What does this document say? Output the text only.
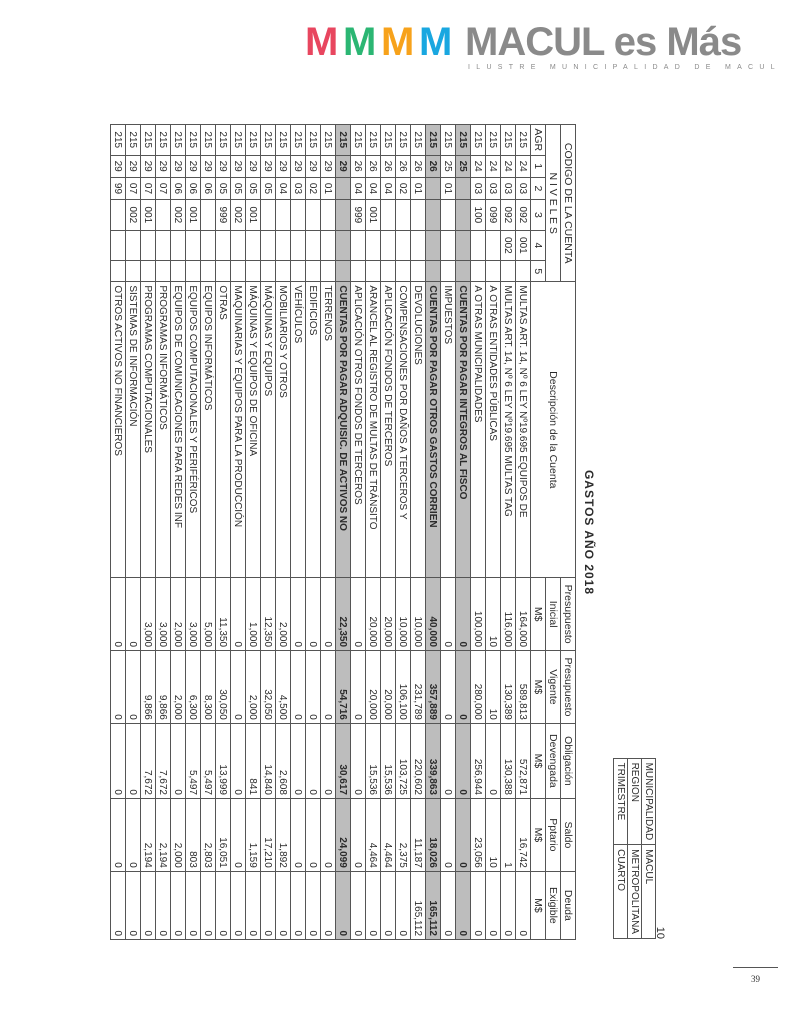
M M M M MACUL es Más
ILUSTRE MUNICIPALIDAD DE MACUL
10
GASTOS AÑO 2018
MUNICIPALIDAD	MACUL
REGION	METROPOLITANA
TRIMESTRE	CUARTO
CODIGO DE LA CUENTA						Descripción de la Cuenta	Presupuesto	Presupuesto	Obligación	Saldo	Deuda
N I V E L E S							Inicial	Vigente	Devengada	Pptario	Exigible
AGR	1	2	3	4	5		M$	M$	M$	M$	M$
215	24	03	092	001		MULTAS ART. 14, Nº 6 LEY Nº19.695 EQUIPOS DE	164,000	589,813	572,871	16,742	0
215	24	03	092	002		MULTAS ART. 14, Nº 6 LEY Nº19.695 MULTAS TAG	116,000	130,389	130,388	1	0
215	24	03	099			A OTRAS ENTIDADES PÚBLICAS	10	10	0	10	0
215	24	03	100			A OTRAS MUNICIPALIDADES	100,000	280,000	256,944	23,056	0
215	25					CUENTAS POR PAGAR INTEGROS AL FISCO	0	0	0	0	0
215	25	01				IMPUESTOS	0	0	0	0	0
215	26					CUENTAS POR PAGAR OTROS GASTOS CORRIEN	40,000	357,889	339,863	18,026	165,112
215	26	01				DEVOLUCIONES	10,000	231,789	220,602	11,187	165,112
215	26	02				COMPENSACIONES POR DAÑOS A TERCEROS Y	10,000	106,100	103,725	2,375	0
215	26	04				APLICACIÓN FONDOS DE TERCEROS	20,000	20,000	15,536	4,464	0
215	26	04	001			ARANCEL AL REGISTRO DE MULTAS DE TRÁNSITO	20,000	20,000	15,536	4,464	0
215	26	04	999			APLICACIÓN OTROS FONDOS DE TERCEROS	0	0	0	0	0
215	29					CUENTAS POR PAGAR ADQUISIC. DE ACTIVOS NO	22,350	54,716	30,617	24,099	0
215	29	01				TERRENOS	0	0	0	0	0
215	29	02				EDIFICIOS	0	0	0	0	0
215	29	03				VEHÍCULOS	0	0	0	0	0
215	29	04				MOBILIARIOS Y OTROS	2,000	4,500	2,608	1,892	0
215	29	05				MÁQUINAS Y EQUIPOS	12,350	32,050	14,840	17,210	0
215	29	05	001			MÁQUINAS Y EQUIPOS DE OFICINA	1,000	2,000	841	1,159	0
215	29	05	002			MAQUINARIAS Y EQUIPOS PARA LA PRODUCCIÓN	0	0	0	0	0
215	29	05	999			OTRAS	11,350	30,050	13,999	16,051	0
215	29	06				EQUIPOS INFORMÁTICOS	5,000	8,300	5,497	2,803	0
215	29	06	001			EQUIPOS COMPUTACIONALES Y PERIFÉRICOS	3,000	6,300	5,497	803	0
215	29	06	002			EQUIPOS DE COMUNICACIONES PARA REDES INF	2,000	2,000	0	2,000	0
215	29	07				PROGRAMAS INFORMÁTICOS	3,000	9,866	7,672	2,194	0
215	29	07	001			PROGRAMAS COMPUTACIONALES	3,000	9,866	7,672	2,194	0
215	29	07	002			SISTEMAS DE INFORMACIÓN	0	0	0	0	0
215	29	99				OTROS ACTIVOS NO FINANCIEROS	0	0	0	0	0
39
